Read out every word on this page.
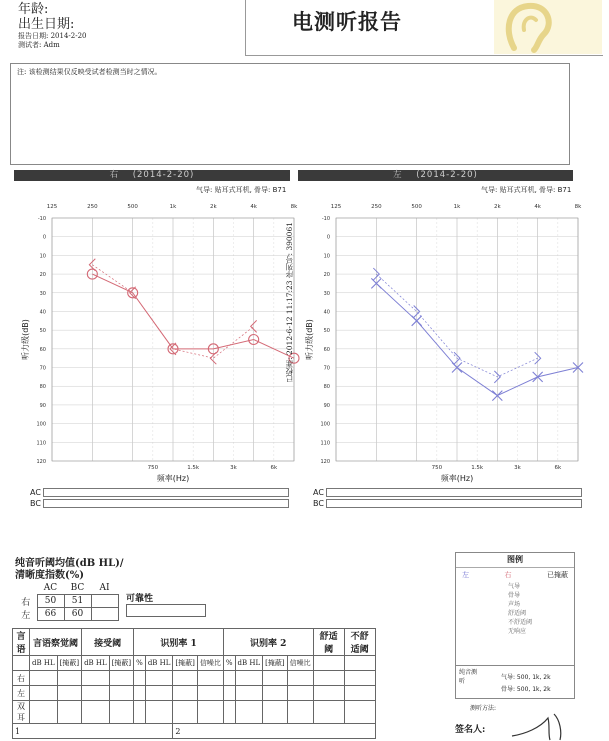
年龄:
出生日期:
报告日期: 2014-2-20
测试者: Adm
电测听报告
注: 该检测结果仅反映受试者检测当时之情况。
右 (2014-2-20)
气导: 贴耳式耳机, 骨导: B71
左 (2014-2-20)
气导: 贴耳式耳机, 骨导: B71
125	250	500	1k	2k	4k	8k
750	1.5k	3k	6k
-10
0
10
20
30
40
50
60
70
80
90
100
110
120
频率(Hz)
听力级(dB)
125	250	500	1k	2k	4k	8k
750	1.5k	3k	6k
-10
0
10
20
30
40
50
60
70
80
90
100
110
120
频率(Hz)
听力级(dB)
已校准: 2012-6-12 11:17:23 序列号: 390061
AC
BC
AC
BC
纯音听阈均值(dB HL)/
清晰度指数(%)
	AC	BC	AI
右	50	51	
左	66	60	
可靠性
言语	言语察觉阈		接受阈		识别率 1				识别率 2				舒适阈	不舒适阈
	dB HL	[掩蔽]	dB HL	[掩蔽]	%	dB HL	[掩蔽]	信噪比	%	dB HL	[掩蔽]	信噪比		
右														
左														
双耳														
1							2							
图例
左	右	已掩蔽
气导
骨导
声场
舒适阈
不舒适阈
无响应
纯音测听
气导: 500, 1k, 2k
骨导: 500, 1k, 2k
测听方法:
签名人:
